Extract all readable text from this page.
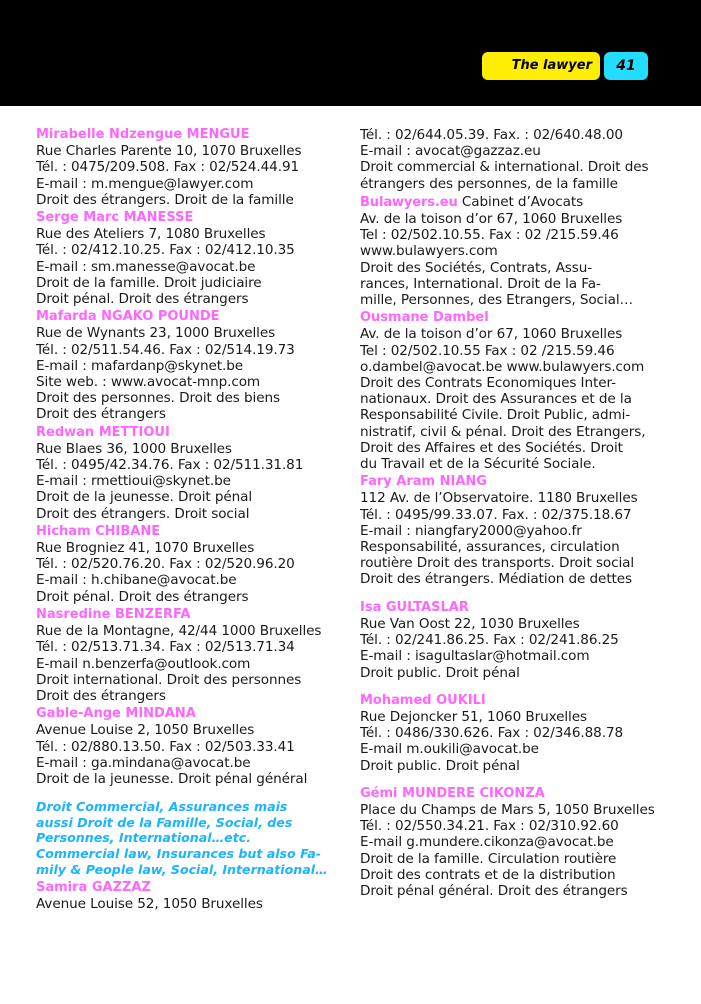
The lawyer	41
Mirabelle Ndzengue MENGUE
Rue Charles Parente 10, 1070 Bruxelles
Tél. : 0475/209.508. Fax : 02/524.44.91
E-mail : m.mengue@lawyer.com
Droit des étrangers. Droit de la famille
Serge Marc MANESSE
Rue des Ateliers 7, 1080 Bruxelles
Tél. : 02/412.10.25. Fax : 02/412.10.35
E-mail : sm.manesse@avocat.be
Droit de la famille. Droit judiciaire
Droit pénal. Droit des étrangers
Mafarda NGAKO POUNDE
Rue de Wynants 23, 1000 Bruxelles
Tél. : 02/511.54.46. Fax : 02/514.19.73
E-mail : mafardanp@skynet.be
Site web. : www.avocat-mnp.com
Droit des personnes. Droit des biens
Droit des étrangers
Redwan METTIOUI
Rue Blaes 36, 1000 Bruxelles
Tél. : 0495/42.34.76. Fax : 02/511.31.81
E-mail : rmettioui@skynet.be
Droit de la jeunesse. Droit pénal
Droit des étrangers. Droit social
Hicham CHIBANE
Rue Brogniez 41, 1070 Bruxelles
Tél. : 02/520.76.20. Fax : 02/520.96.20
E-mail : h.chibane@avocat.be
Droit pénal. Droit des étrangers
Nasredine BENZERFA
Rue de la Montagne, 42/44 1000 Bruxelles
Tél. : 02/513.71.34. Fax : 02/513.71.34
E-mail n.benzerfa@outlook.com
Droit international. Droit des personnes
Droit des étrangers
Gable-Ange MINDANA
Avenue Louise 2, 1050 Bruxelles
Tél. : 02/880.13.50. Fax : 02/503.33.41
E-mail : ga.mindana@avocat.be
Droit de la jeunesse. Droit pénal général
Droit Commercial, Assurances mais
aussi Droit de la Famille, Social, des
Personnes, International…etc.
Commercial law, Insurances but also Fa-
mily & People law, Social, International…
Samira GAZZAZ
Avenue Louise 52, 1050 Bruxelles
Tél. : 02/644.05.39. Fax. : 02/640.48.00
E-mail : avocat@gazzaz.eu
Droit commercial & international. Droit des
étrangers des personnes, de la famille
Bulawyers.eu Cabinet d’Avocats
Av. de la toison d’or 67, 1060 Bruxelles
Tel : 02/502.10.55. Fax : 02 /215.59.46
www.bulawyers.com
Droit des Sociétés, Contrats, Assu-
rances, International. Droit de la Fa-
mille, Personnes, des Etrangers, Social…
Ousmane Dambel
Av. de la toison d’or 67, 1060 Bruxelles
Tel : 02/502.10.55 Fax : 02 /215.59.46
o.dambel@avocat.be www.bulawyers.com
Droit des Contrats Economiques Inter-
nationaux. Droit des Assurances et de la
Responsabilité Civile. Droit Public, admi-
nistratif, civil & pénal. Droit des Etrangers,
Droit des Affaires et des Sociétés. Droit
du Travail et de la Sécurité Sociale.
Fary Aram NIANG
112 Av. de l’Observatoire. 1180 Bruxelles
Tél. : 0495/99.33.07. Fax. : 02/375.18.67
E-mail : niangfary2000@yahoo.fr
Responsabilité, assurances, circulation
routière Droit des transports. Droit social
Droit des étrangers. Médiation de dettes
Isa GULTASLAR
Rue Van Oost 22, 1030 Bruxelles
Tél. : 02/241.86.25. Fax : 02/241.86.25
E-mail : isagultaslar@hotmail.com
Droit public. Droit pénal
Mohamed OUKILI
Rue Dejoncker 51, 1060 Bruxelles
Tél. : 0486/330.626. Fax : 02/346.88.78
E-mail m.oukili@avocat.be
Droit public. Droit pénal
Gémi MUNDERE CIKONZA
Place du Champs de Mars 5, 1050 Bruxelles
Tél. : 02/550.34.21. Fax : 02/310.92.60
E-mail g.mundere.cikonza@avocat.be
Droit de la famille. Circulation routière
Droit des contrats et de la distribution
Droit pénal général. Droit des étrangers
